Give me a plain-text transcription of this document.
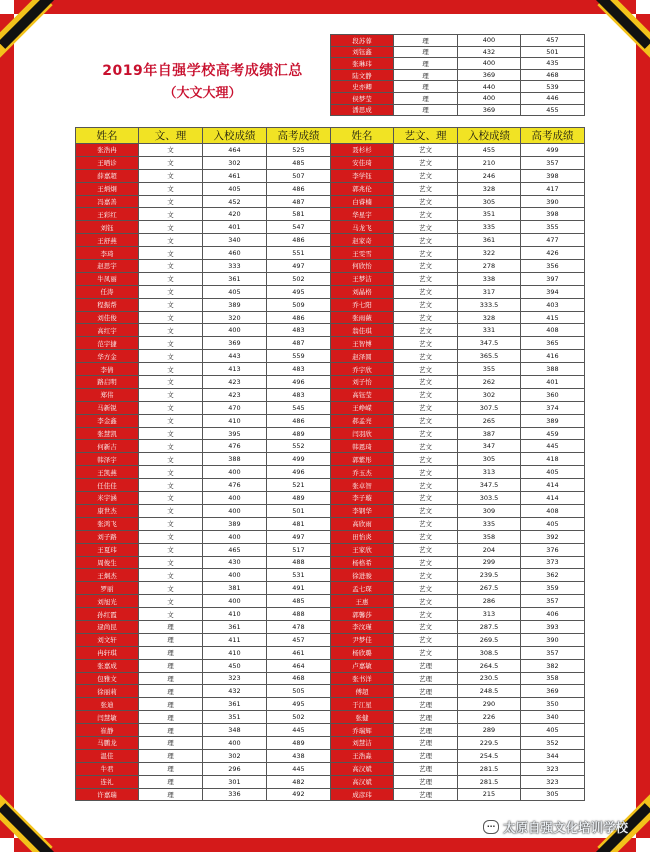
2019年自强学校高考成绩汇总
（大文大理）
段苏蓉	理	400	457
刘钰鑫	理	432	501
张琳玮	理	400	435
陆文静	理	369	468
史亦卿	理	440	539
侯梦莹	理	400	446
潘思成	理	369	455
姓名	文、理	入校成绩	高考成绩
张浩冉	文	464	525
王晒诊	文	302	485
薛嘉超	文	461	507
王炳炯	文	405	486
冯嘉善	文	452	487
王彩红	文	420	581
刘钰	文	401	547
王舒燕	文	340	486
李琦	文	460	551
赵思宇	文	333	497
牛凤丽	文	361	502
任涛	文	405	495
程振帮	文	389	509
刘佳俊	文	320	486
高红宇	文	400	483
范宇捷	文	369	487
华方金	文	443	559
李倩	文	413	483
路启明	文	423	496
郑伟	文	423	483
马新锐	文	470	545
李金鑫	文	410	486
张慧凯	文	395	489
何新吉	文	476	552
韩泽宇	文	388	499
王凯燕	文	400	496
任佳佳	文	476	521
米宇涵	文	400	489
康世杰	文	400	501
张鸿飞	文	389	481
刘子路	文	400	497
王夏玮	文	465	517
周俊生	文	430	488
王炯杰	文	400	531
罗丽	文	381	491
刘旭光	文	400	485
孙红霞	文	410	488
逯尚昆	理	361	478
刘文轩	理	411	457
冉轩琪	理	410	461
张嘉成	理	450	464
包雅文	理	323	468
徐丽莉	理	432	505
张迪	理	361	495
闫慧敏	理	351	502
崔静	理	348	445
马鹏龙	理	400	489
温佳	理	302	438
牛君	理	296	445
连礼	理	301	482
许嘉瑞	理	336	492
姓名	艺文、理	入校成绩	高考成绩
聂杉杉	艺文	455	499
安佳琦	艺文	210	357
李学钰	艺文	246	398
郭兆伦	艺文	328	417
白睿楠	艺文	305	390
华星宇	艺文	351	398
马龙飞	艺文	335	355
赵家奇	艺文	361	477
王雯雪	艺文	322	426
何欣怡	艺文	278	356
王梦洁	艺文	338	397
刘晶格	艺文	317	394
乔七阳	艺文	333.5	403
张雨薇	艺文	328	415
翁佳琪	艺文	331	408
王智博	艺文	347.5	365
赵泽圆	艺文	365.5	416
乔宇欣	艺文	355	388
刘子怡	艺文	262	401
高钰莹	艺文	302	360
王峥嵘	艺文	307.5	374
郝孟亮	艺文	265	389
闫羽欣	艺文	387	459
韩恩琦	艺文	347	445
郭紫彤	艺文	305	418
乔玉杰	艺文	313	405
张卓智	艺文	347.5	414
李子璇	艺文	303.5	414
李钢华	艺文	309	408
高欣雨	艺文	335	405
田怡炎	艺文	358	392
王家欣	艺文	204	376
杨格希	艺文	299	373
徐进骏	艺文	239.5	362
孟七琛	艺文	267.5	359
王惠	艺文	286	357
郭馨莎	艺文	313	406
李汶瑾	艺文	287.5	393
尹梦佳	艺文	269.5	390
杨欣璐	艺文	308.5	357
卢嘉敏	艺理	264.5	382
张书洋	艺理	230.5	358
傅超	艺理	248.5	369
于江星	艺理	290	350
张健	艺理	226	340
乔瑞辉	艺理	289	405
刘慧洁	艺理	229.5	352
王浩淼	艺理	254.5	344
高汉斌	艺理	281.5	323
高汉斌	艺理	281.5	323
成彦玮	艺理	215	305
⋯ 太原自强文化培训学校
